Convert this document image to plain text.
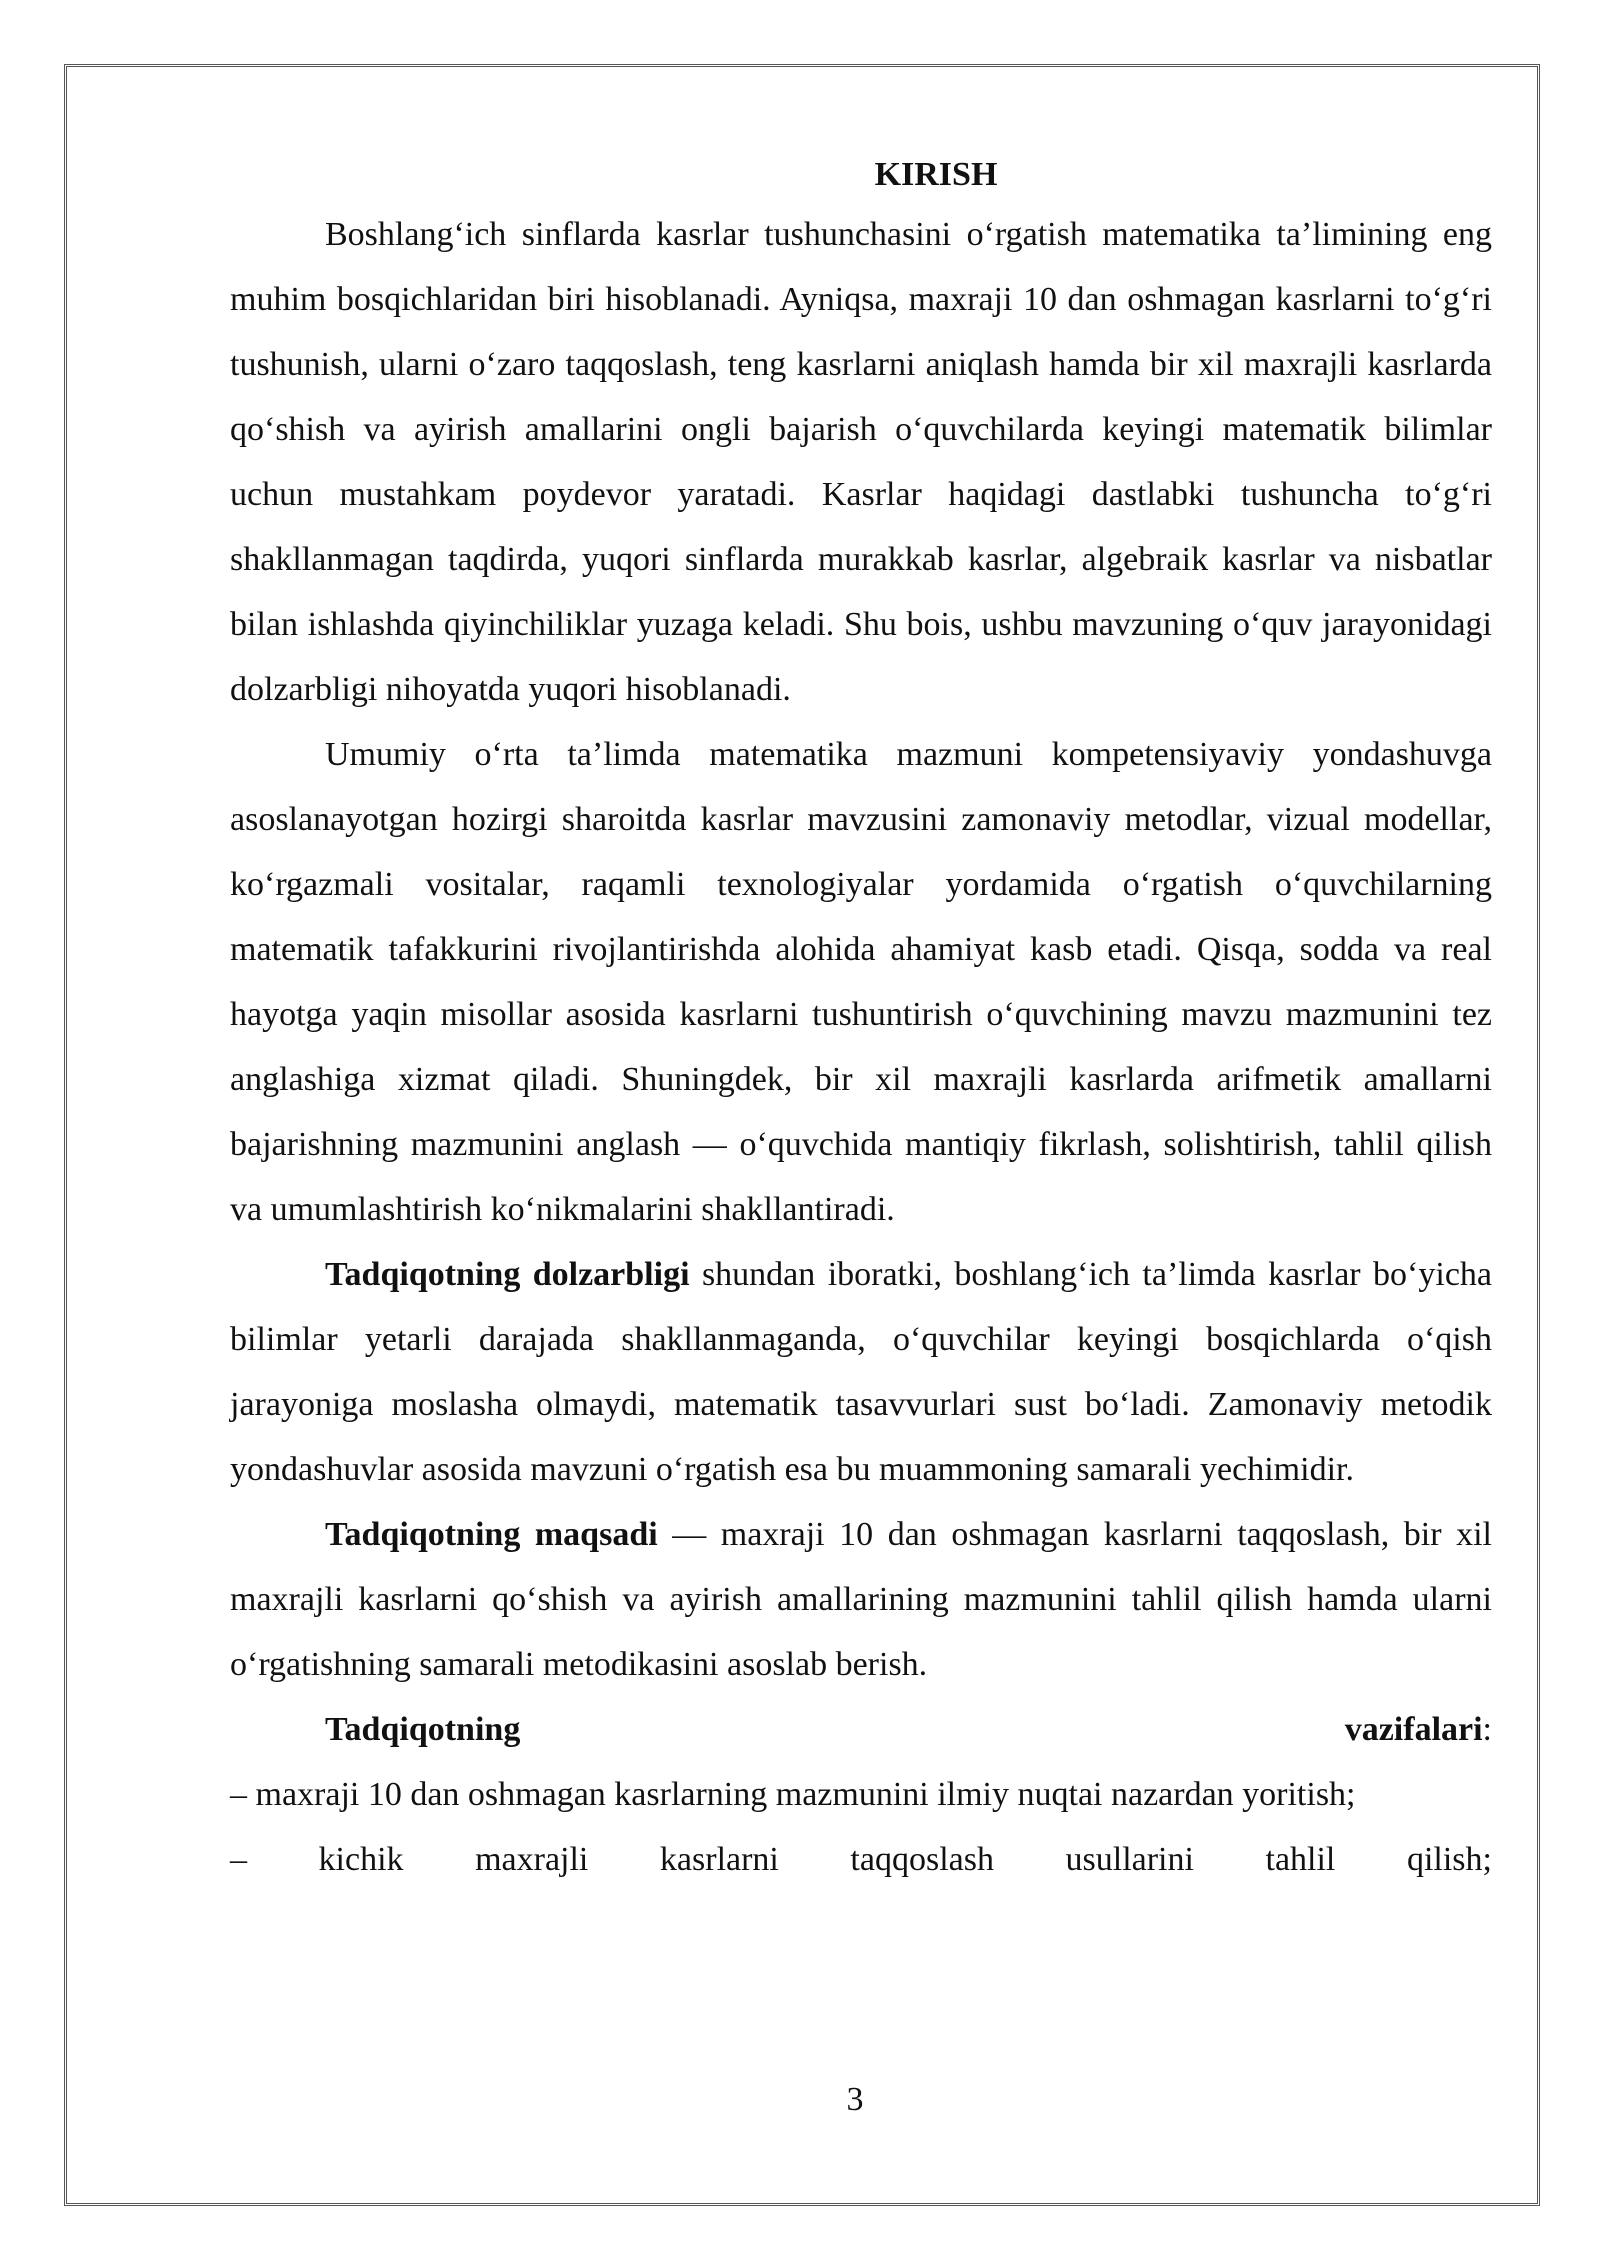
KIRISH

Boshlang‘ich sinflarda kasrlar tushunchasini o‘rgatish matematika ta’limining eng muhim bosqichlaridan biri hisoblanadi. Ayniqsa, maxraji 10 dan oshmagan kasrlarni to‘g‘ri tushunish, ularni o‘zaro taqqoslash, teng kasrlarni aniqlash hamda bir xil maxrajli kasrlarda qo‘shish va ayirish amallarini ongli bajarish o‘quvchilarda keyingi matematik bilimlar uchun mustahkam poydevor yaratadi. Kasrlar haqidagi dastlabki tushuncha to‘g‘ri shakllanmagan taqdirda, yuqori sinflarda murakkab kasrlar, algebraik kasrlar va nisbatlar bilan ishlashda qiyinchiliklar yuzaga keladi. Shu bois, ushbu mavzuning o‘quv jarayonidagi dolzarbligi nihoyatda yuqori hisoblanadi.

Umumiy o‘rta ta’limda matematika mazmuni kompetensiyaviy yondashuvga asoslanayotgan hozirgi sharoitda kasrlar mavzusini zamonaviy metodlar, vizual modellar, ko‘rgazmali vositalar, raqamli texnologiyalar yordamida o‘rgatish o‘quvchilarning matematik tafakkurini rivojlantirishda alohida ahamiyat kasb etadi. Qisqa, sodda va real hayotga yaqin misollar asosida kasrlarni tushuntirish o‘quvchining mavzu mazmunini tez anglashiga xizmat qiladi. Shuningdek, bir xil maxrajli kasrlarda arifmetik amallarni bajarishning mazmunini anglash — o‘quvchida mantiqiy fikrlash, solishtirish, tahlil qilish va umumlashtirish ko‘nikmalarini shakllantiradi.

Tadqiqotning dolzarbligi shundan iboratki, boshlang‘ich ta’limda kasrlar bo‘yicha bilimlar yetarli darajada shakllanmaganda, o‘quvchilar keyingi bosqichlarda o‘qish jarayoniga moslasha olmaydi, matematik tasavvurlari sust bo‘ladi. Zamonaviy metodik yondashuvlar asosida mavzuni o‘rgatish esa bu muammoning samarali yechimidir.

Tadqiqotning maqsadi — maxraji 10 dan oshmagan kasrlarni taqqoslash, bir xil maxrajli kasrlarni qo‘shish va ayirish amallarining mazmunini tahlil qilish hamda ularni o‘rgatishning samarali metodikasini asoslab berish.

Tadqiqotning	vazifalari:
– maxraji 10 dan oshmagan kasrlarning mazmunini ilmiy nuqtai nazardan yoritish;
– kichik maxrajli kasrlarni taqqoslash usullarini tahlil qilish;
3
